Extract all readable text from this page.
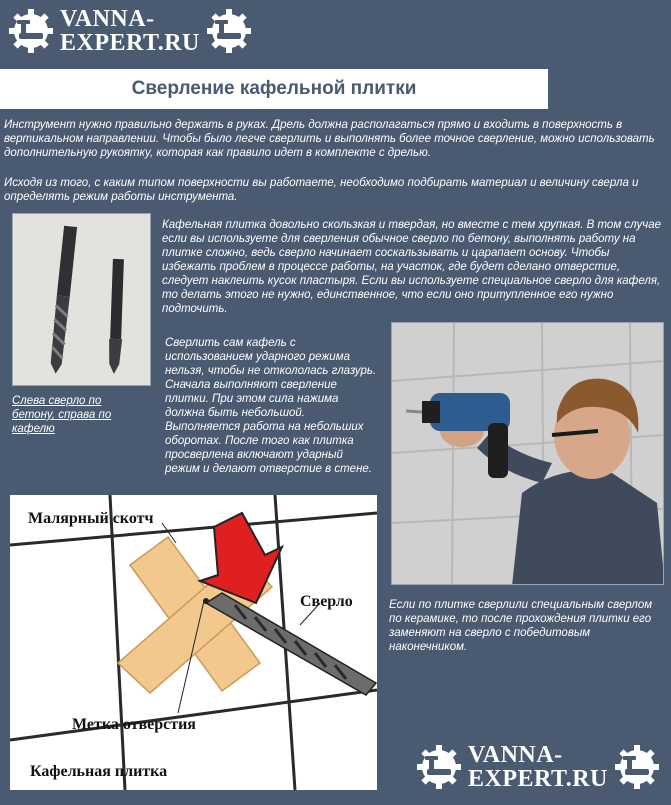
VANNA-
EXPERT.RU
Сверление кафельной плитки

Инструмент нужно правильно держать в руках. Дрель должна располагаться прямо и входить в поверхность в вертикальном направлении. Чтобы было легче сверлить и выполнять более точное сверление, можно использовать дополнительную рукоятку, которая как правило идет в комплекте с дрелью.

Исходя из того, с каким типом поверхности вы работаете, необходимо подбирать материал и величину сверла и определять режим работы инструмента.

Слева сверло по бетону, справа по кафелю

Кафельная плитка довольно скользкая и твердая, но вместе с тем хрупкая. В том случае если вы используете для сверления обычное сверло по бетону, выполнять работу на плитке сложно, ведь сверло начинает соскальзывать и царапает основу. Чтобы избежать проблем в процессе работы, на участок, где будет сделано отверстие, следует наклеить кусок пластыря. Если вы используете специальное сверло для кафеля, то делать этого не нужно, единственное, что если оно притупленное его нужно подточить.

Сверлить сам кафель с использованием ударного режима нельзя, чтобы не откололась глазурь. Сначала выполняют сверление плитки. При этом сила нажима должна быть небольшой. Выполняется работа на небольших оборотах. После того как плитка просверлена включают ударный режим и делают отверстие в стене.

Малярный скотч
Сверло
Метка отверстия
Кафельная плитка

Если по плитке сверлили специальным сверлом по керамике, то после прохождения плитки его заменяют на сверло с победитовым наконечником.

VANNA-
EXPERT.RU
